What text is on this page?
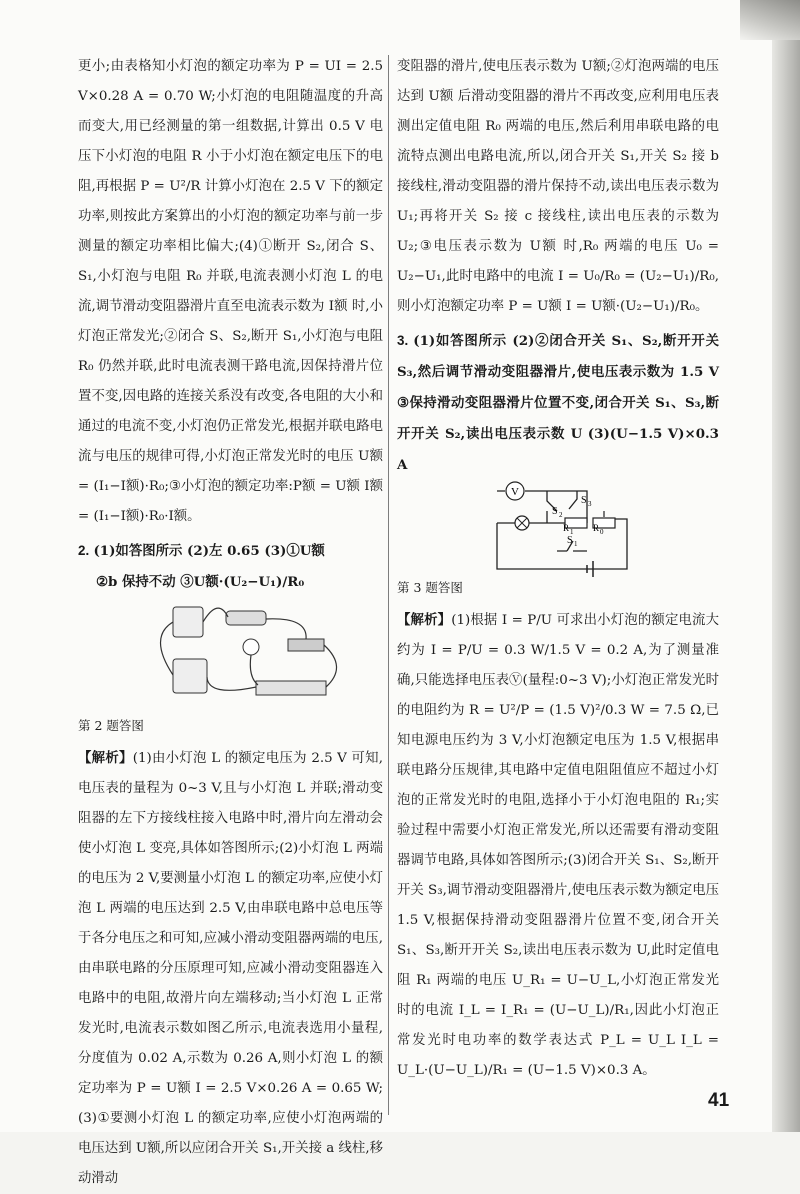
更小;由表格知小灯泡的额定功率为 P = UI = 2.5 V×0.28 A = 0.70 W;小灯泡的电阻随温度的升高而变大,用已经测量的第一组数据,计算出 0.5 V 电压下小灯泡的电阻 R 小于小灯泡在额定电压下的电阻,再根据 P = U²/R 计算小灯泡在 2.5 V 下的额定功率,则按此方案算出的小灯泡的额定功率与前一步测量的额定功率相比偏大;(4)①断开 S₂,闭合 S、S₁,小灯泡与电阻 R₀ 并联,电流表测小灯泡 L 的电流,调节滑动变阻器滑片直至电流表示数为 I额 时,小灯泡正常发光;②闭合 S、S₂,断开 S₁,小灯泡与电阻 R₀ 仍然并联,此时电流表测干路电流,因保持滑片位置不变,因电路的连接关系没有改变,各电阻的大小和通过的电流不变,小灯泡仍正常发光,根据并联电路电流与电压的规律可得,小灯泡正常发光时的电压 U额 = (I₁−I额)·R₀;③小灯泡的额定功率:P额 = U额 I额 = (I₁−I额)·R₀·I额。

2. (1)如答图所示 (2)左 0.65 (3)①U额

②b 保持不动 ③U额·(U₂−U₁)/R₀

第 2 题答图

【解析】(1)由小灯泡 L 的额定电压为 2.5 V 可知,电压表的量程为 0~3 V,且与小灯泡 L 并联;滑动变阻器的左下方接线柱接入电路中时,滑片向左滑动会使小灯泡 L 变亮,具体如答图所示;(2)小灯泡 L 两端的电压为 2 V,要测量小灯泡 L 的额定功率,应使小灯泡 L 两端的电压达到 2.5 V,由串联电路中总电压等于各分电压之和可知,应减小滑动变阻器两端的电压,由串联电路的分压原理可知,应减小滑动变阻器连入电路中的电阻,故滑片向左端移动;当小灯泡 L 正常发光时,电流表示数如图乙所示,电流表选用小量程,分度值为 0.02 A,示数为 0.26 A,则小灯泡 L 的额定功率为 P = U额 I = 2.5 V×0.26 A = 0.65 W;(3)①要测小灯泡 L 的额定功率,应使小灯泡两端的电压达到 U额,所以应闭合开关 S₁,开关接 a 线柱,移动滑动

变阻器的滑片,使电压表示数为 U额;②灯泡两端的电压达到 U额 后滑动变阻器的滑片不再改变,应利用电压表测出定值电阻 R₀ 两端的电压,然后利用串联电路的电流特点测出电路电流,所以,闭合开关 S₁,开关 S₂ 接 b 接线柱,滑动变阻器的滑片保持不动,读出电压表示数为 U₁;再将开关 S₂ 接 c 接线柱,读出电压表的示数为 U₂;③电压表示数为 U额 时,R₀ 两端的电压 U₀ = U₂−U₁,此时电路中的电流 I = U₀/R₀ = (U₂−U₁)/R₀,则小灯泡额定功率 P = U额 I = U额·(U₂−U₁)/R₀。

3. (1)如答图所示 (2)②闭合开关 S₁、S₂,断开开关 S₃,然后调节滑动变阻器滑片,使电压表示数为 1.5 V ③保持滑动变阻器滑片位置不变,闭合开关 S₁、S₃,断开开关 S₂,读出电压表示数 U (3)(U−1.5 V)×0.3 A

V
S 2
S 3
S 1
R 1 R 0

第 3 题答图

【解析】(1)根据 I = P/U 可求出小灯泡的额定电流大约为 I = P/U = 0.3 W/1.5 V = 0.2 A,为了测量准确,只能选择电压表Ⓥ(量程:0~3 V);小灯泡正常发光时的电阻约为 R = U²/P = (1.5 V)²/0.3 W = 7.5 Ω,已知电源电压约为 3 V,小灯泡额定电压为 1.5 V,根据串联电路分压规律,其电路中定值电阻阻值应不超过小灯泡的正常发光时的电阻,选择小于小灯泡电阻的 R₁;实验过程中需要小灯泡正常发光,所以还需要有滑动变阻器调节电路,具体如答图所示;(3)闭合开关 S₁、S₂,断开开关 S₃,调节滑动变阻器滑片,使电压表示数为额定电压 1.5 V,根据保持滑动变阻器滑片位置不变,闭合开关 S₁、S₃,断开开关 S₂,读出电压表示数为 U,此时定值电阻 R₁ 两端的电压 U_R₁ = U−U_L,小灯泡正常发光时的电流 I_L = I_R₁ = (U−U_L)/R₁,因此小灯泡正常发光时电功率的数学表达式 P_L = U_L I_L = U_L·(U−U_L)/R₁ = (U−1.5 V)×0.3 A。

41
